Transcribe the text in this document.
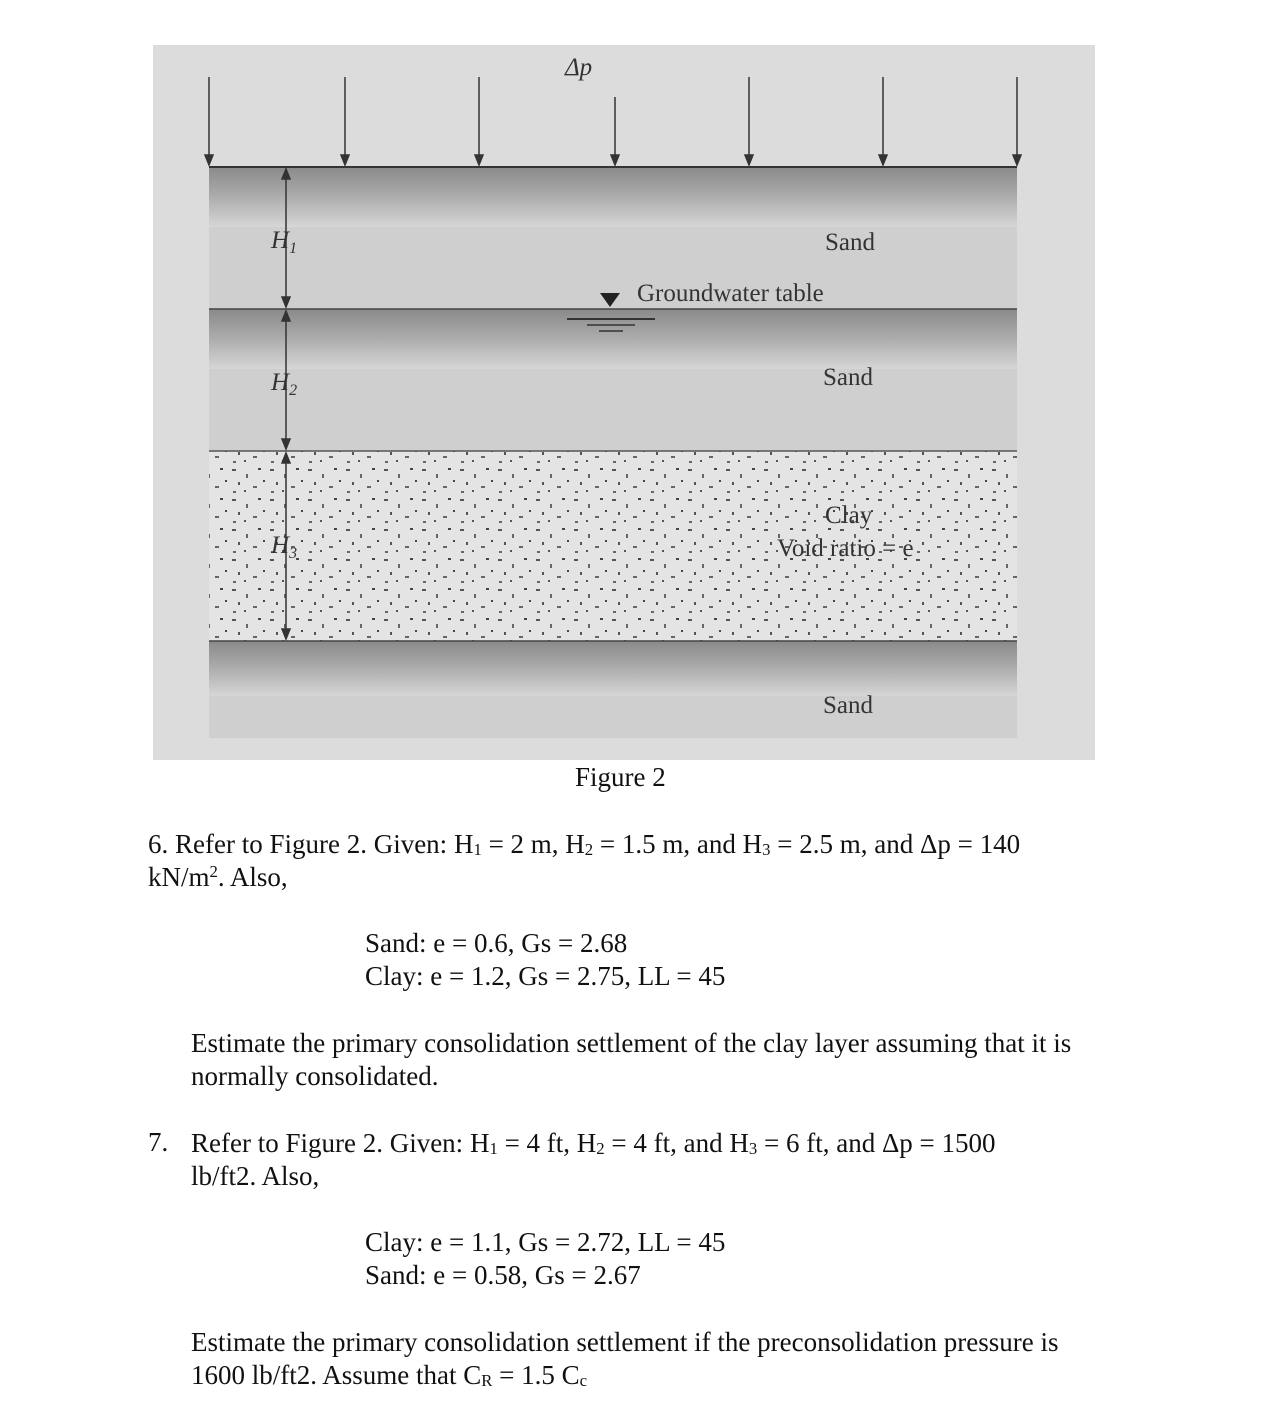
Δp
$H_1$
$H_2$
$H_3$
Sand
Sand
Clay
Void ratio = e
Sand
Groundwater table
Figure 2
6. Refer to Figure 2. Given: H1 = 2 m, H2 = 1.5 m, and H3 = 2.5 m, and Δp = 140
$kN/m^2$. Also,
Sand: e = 0.6, Gs = 2.68
Clay: e = 1.2, Gs = 2.75, LL = 45
Estimate the primary consolidation settlement of the clay layer assuming that it is
normally consolidated.
7. Refer to Figure 2. Given: H1 = 4 ft, H2 = 4 ft, and H3 = 6 ft, and Δp = 1500
lb/ft2. Also,
Clay: e = 1.1, Gs = 2.72, LL = 45
Sand: e = 0.58, Gs = 2.67
Estimate the primary consolidation settlement if the preconsolidation pressure is
1600 lb/ft2. Assume that CR = 1.5 Cc
